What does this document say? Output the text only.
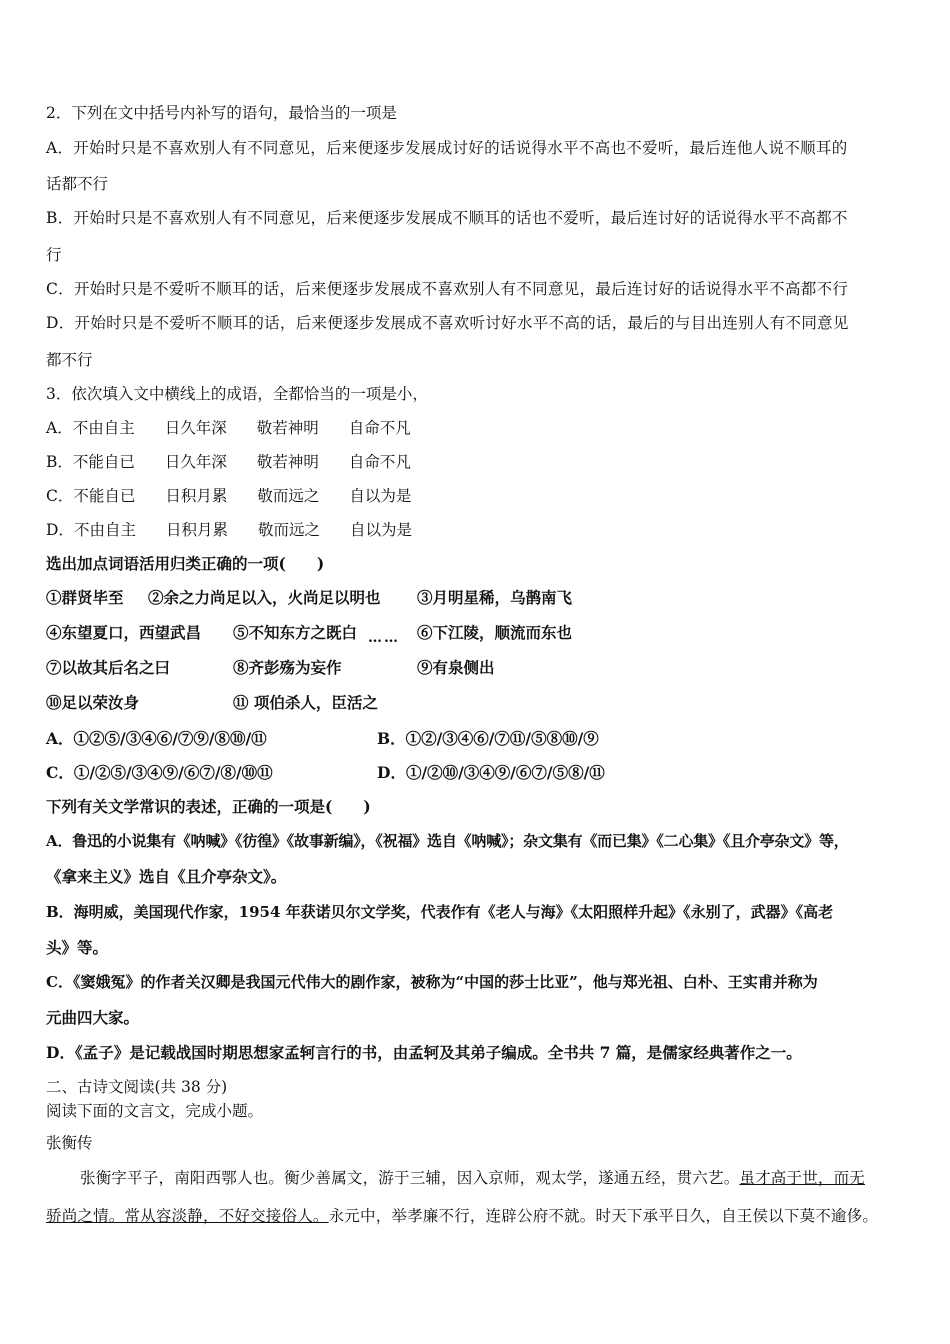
2．下列在文中括号内补写的语句，最恰当的一项是
A．开始时只是不喜欢别人有不同意见，后来便逐步发展成讨好的话说得水平不高也不爱听，最后连他人说不顺耳的
话都不行
B．开始时只是不喜欢别人有不同意见，后来便逐步发展成不顺耳的话也不爱听，最后连讨好的话说得水平不高都不
行
C．开始时只是不爱听不顺耳的话，后来便逐步发展成不喜欢别人有不同意见，最后连讨好的话说得水平不高都不行
D．开始时只是不爱听不顺耳的话，后来便逐步发展成不喜欢听讨好水平不高的话，最后的与目出连别人有不同意见
都不行
3．依次填入文中横线上的成语，全都恰当的一项是小，
A．不由自主 日久年深 敬若神明 自命不凡
B．不能自已 日久年深 敬若神明 自命不凡
C．不能自已 日积月累 敬而远之 自以为是
D．不由自主 日积月累 敬而远之 自以为是
选出加点词语活用归类正确的一项(　　)
①群贤毕至 ②余之力尚足以入，火尚足以明也 ③月明星稀，乌鹊南飞
④东望夏口，西望武昌 ⑤不知东方之既白	⑥下江陵，顺流而东也
……
⑦以故其后名之曰	⑧齐彭殇为妄作	⑨有泉侧出
⑩足以荣汝身	⑪ 项伯杀人，臣活之
A．①②⑤/③④⑥/⑦⑨/⑧⑩/⑪	B．①②/③④⑥/⑦⑪/⑤⑧⑩/⑨
C．①/②⑤/③④⑨/⑥⑦/⑧/⑩⑪	D．①/②⑩/③④⑨/⑥⑦/⑤⑧/⑪
下列有关文学常识的表述，正确的一项是(　　)
A．鲁迅的小说集有《呐喊》《彷徨》《故事新编》，《祝福》选自《呐喊》；杂文集有《而已集》《二心集》《且介亭杂文》等，
《拿来主义》选自《且介亭杂文》。
B．海明威，美国现代作家，1954 年获诺贝尔文学奖，代表作有《老人与海》《太阳照样升起》《永别了，武器》《高老
头》等。
C．《窦娥冤》的作者关汉卿是我国元代伟大的剧作家，被称为“中国的莎士比亚”，他与郑光祖、白朴、王实甫并称为
元曲四大家。
D．《孟子》是记载战国时期思想家孟轲言行的书，由孟轲及其弟子编成。全书共 7 篇，是儒家经典著作之一。
二、古诗文阅读(共 38 分)
阅读下面的文言文，完成小题。
张衡传
张衡字平子，南阳西鄂人也。衡少善属文，游于三辅，因入京师，观太学，遂通五经，贯六艺。虽才高于世，而无
骄尚之情。常从容淡静，不好交接俗人。永元中，举孝廉不行，连辟公府不就。时天下承平日久，自王侯以下莫不逾侈。
